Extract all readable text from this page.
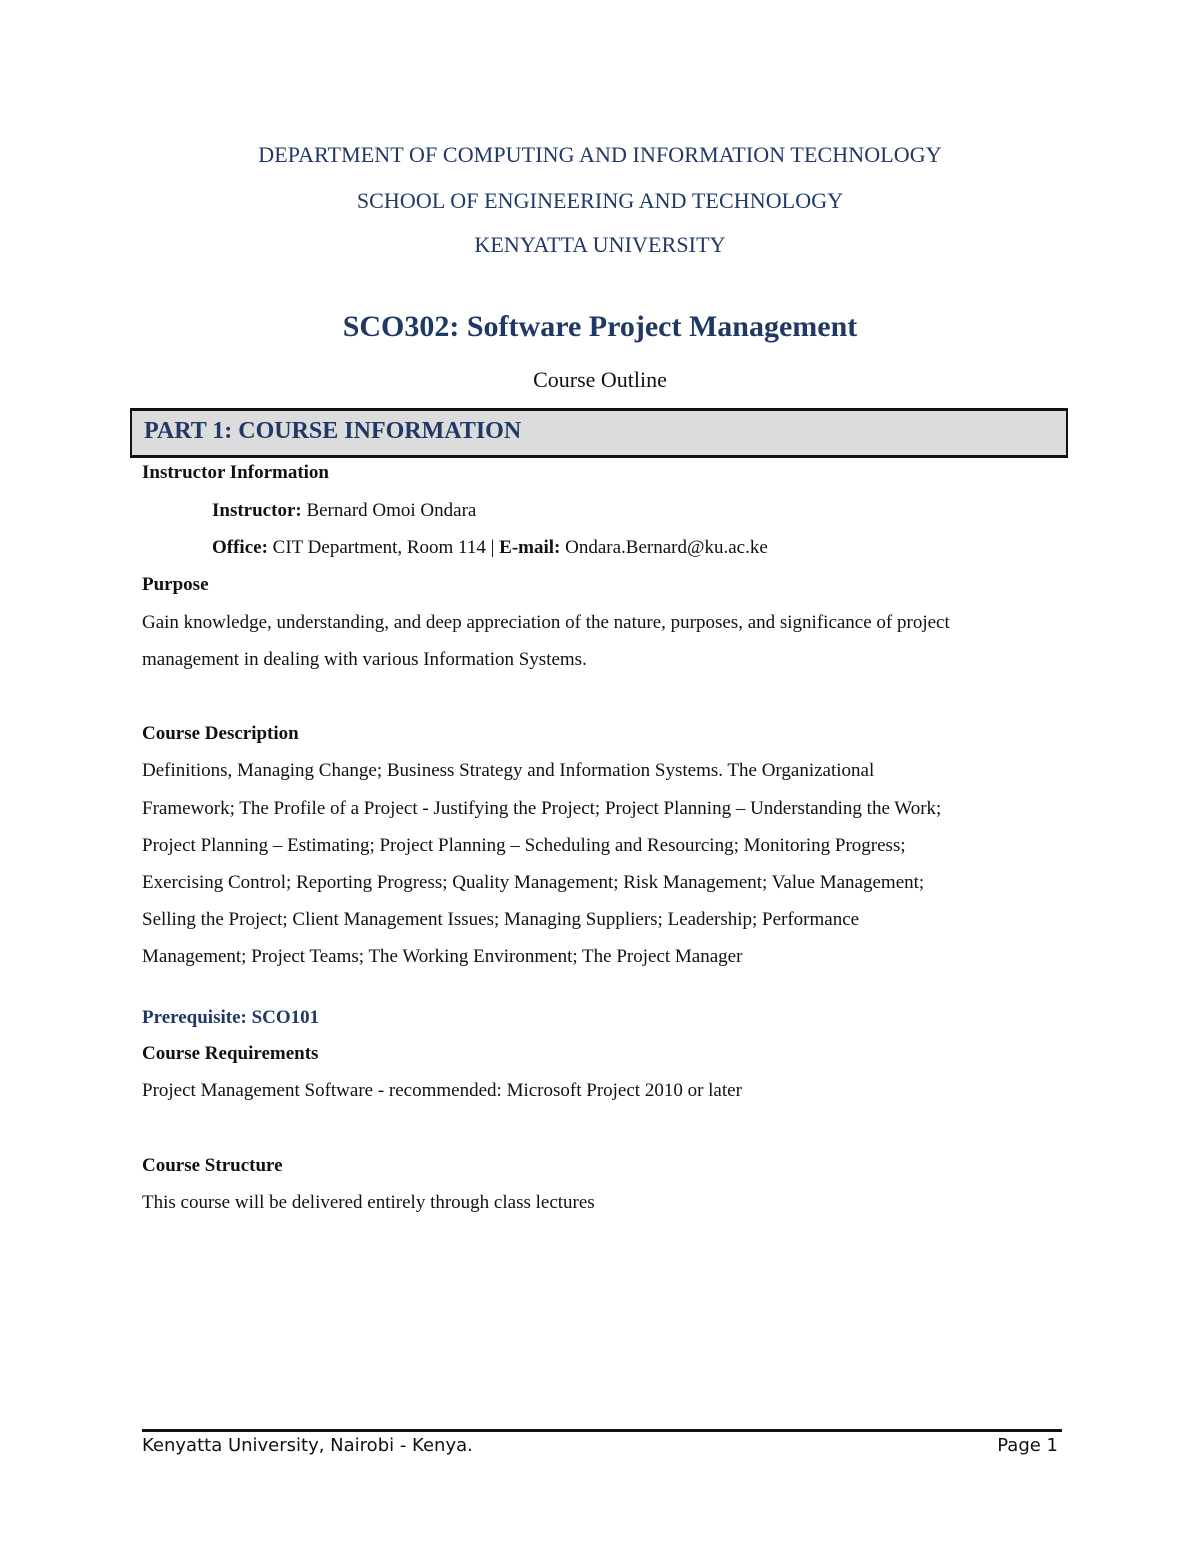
DEPARTMENT OF COMPUTING AND INFORMATION TECHNOLOGY
SCHOOL OF ENGINEERING AND TECHNOLOGY
KENYATTA UNIVERSITY
SCO302: Software Project Management
Course Outline
PART 1: COURSE INFORMATION
Instructor Information
Instructor: Bernard Omoi Ondara
Office: CIT Department, Room 114 | E-mail: Ondara.Bernard@ku.ac.ke
Purpose
Gain knowledge, understanding, and deep appreciation of the nature, purposes, and significance of project
management in dealing with various Information Systems.
Course Description
Definitions, Managing Change; Business Strategy and Information Systems. The Organizational
Framework; The Profile of a Project - Justifying the Project; Project Planning – Understanding the Work;
Project Planning – Estimating; Project Planning – Scheduling and Resourcing; Monitoring Progress;
Exercising Control; Reporting Progress; Quality Management; Risk Management; Value Management;
Selling the Project; Client Management Issues; Managing Suppliers; Leadership; Performance
Management; Project Teams; The Working Environment; The Project Manager
Prerequisite: SCO101
Course Requirements
Project Management Software - recommended: Microsoft Project 2010 or later
Course Structure
This course will be delivered entirely through class lectures
Kenyatta University, Nairobi - Kenya.	Page 1
